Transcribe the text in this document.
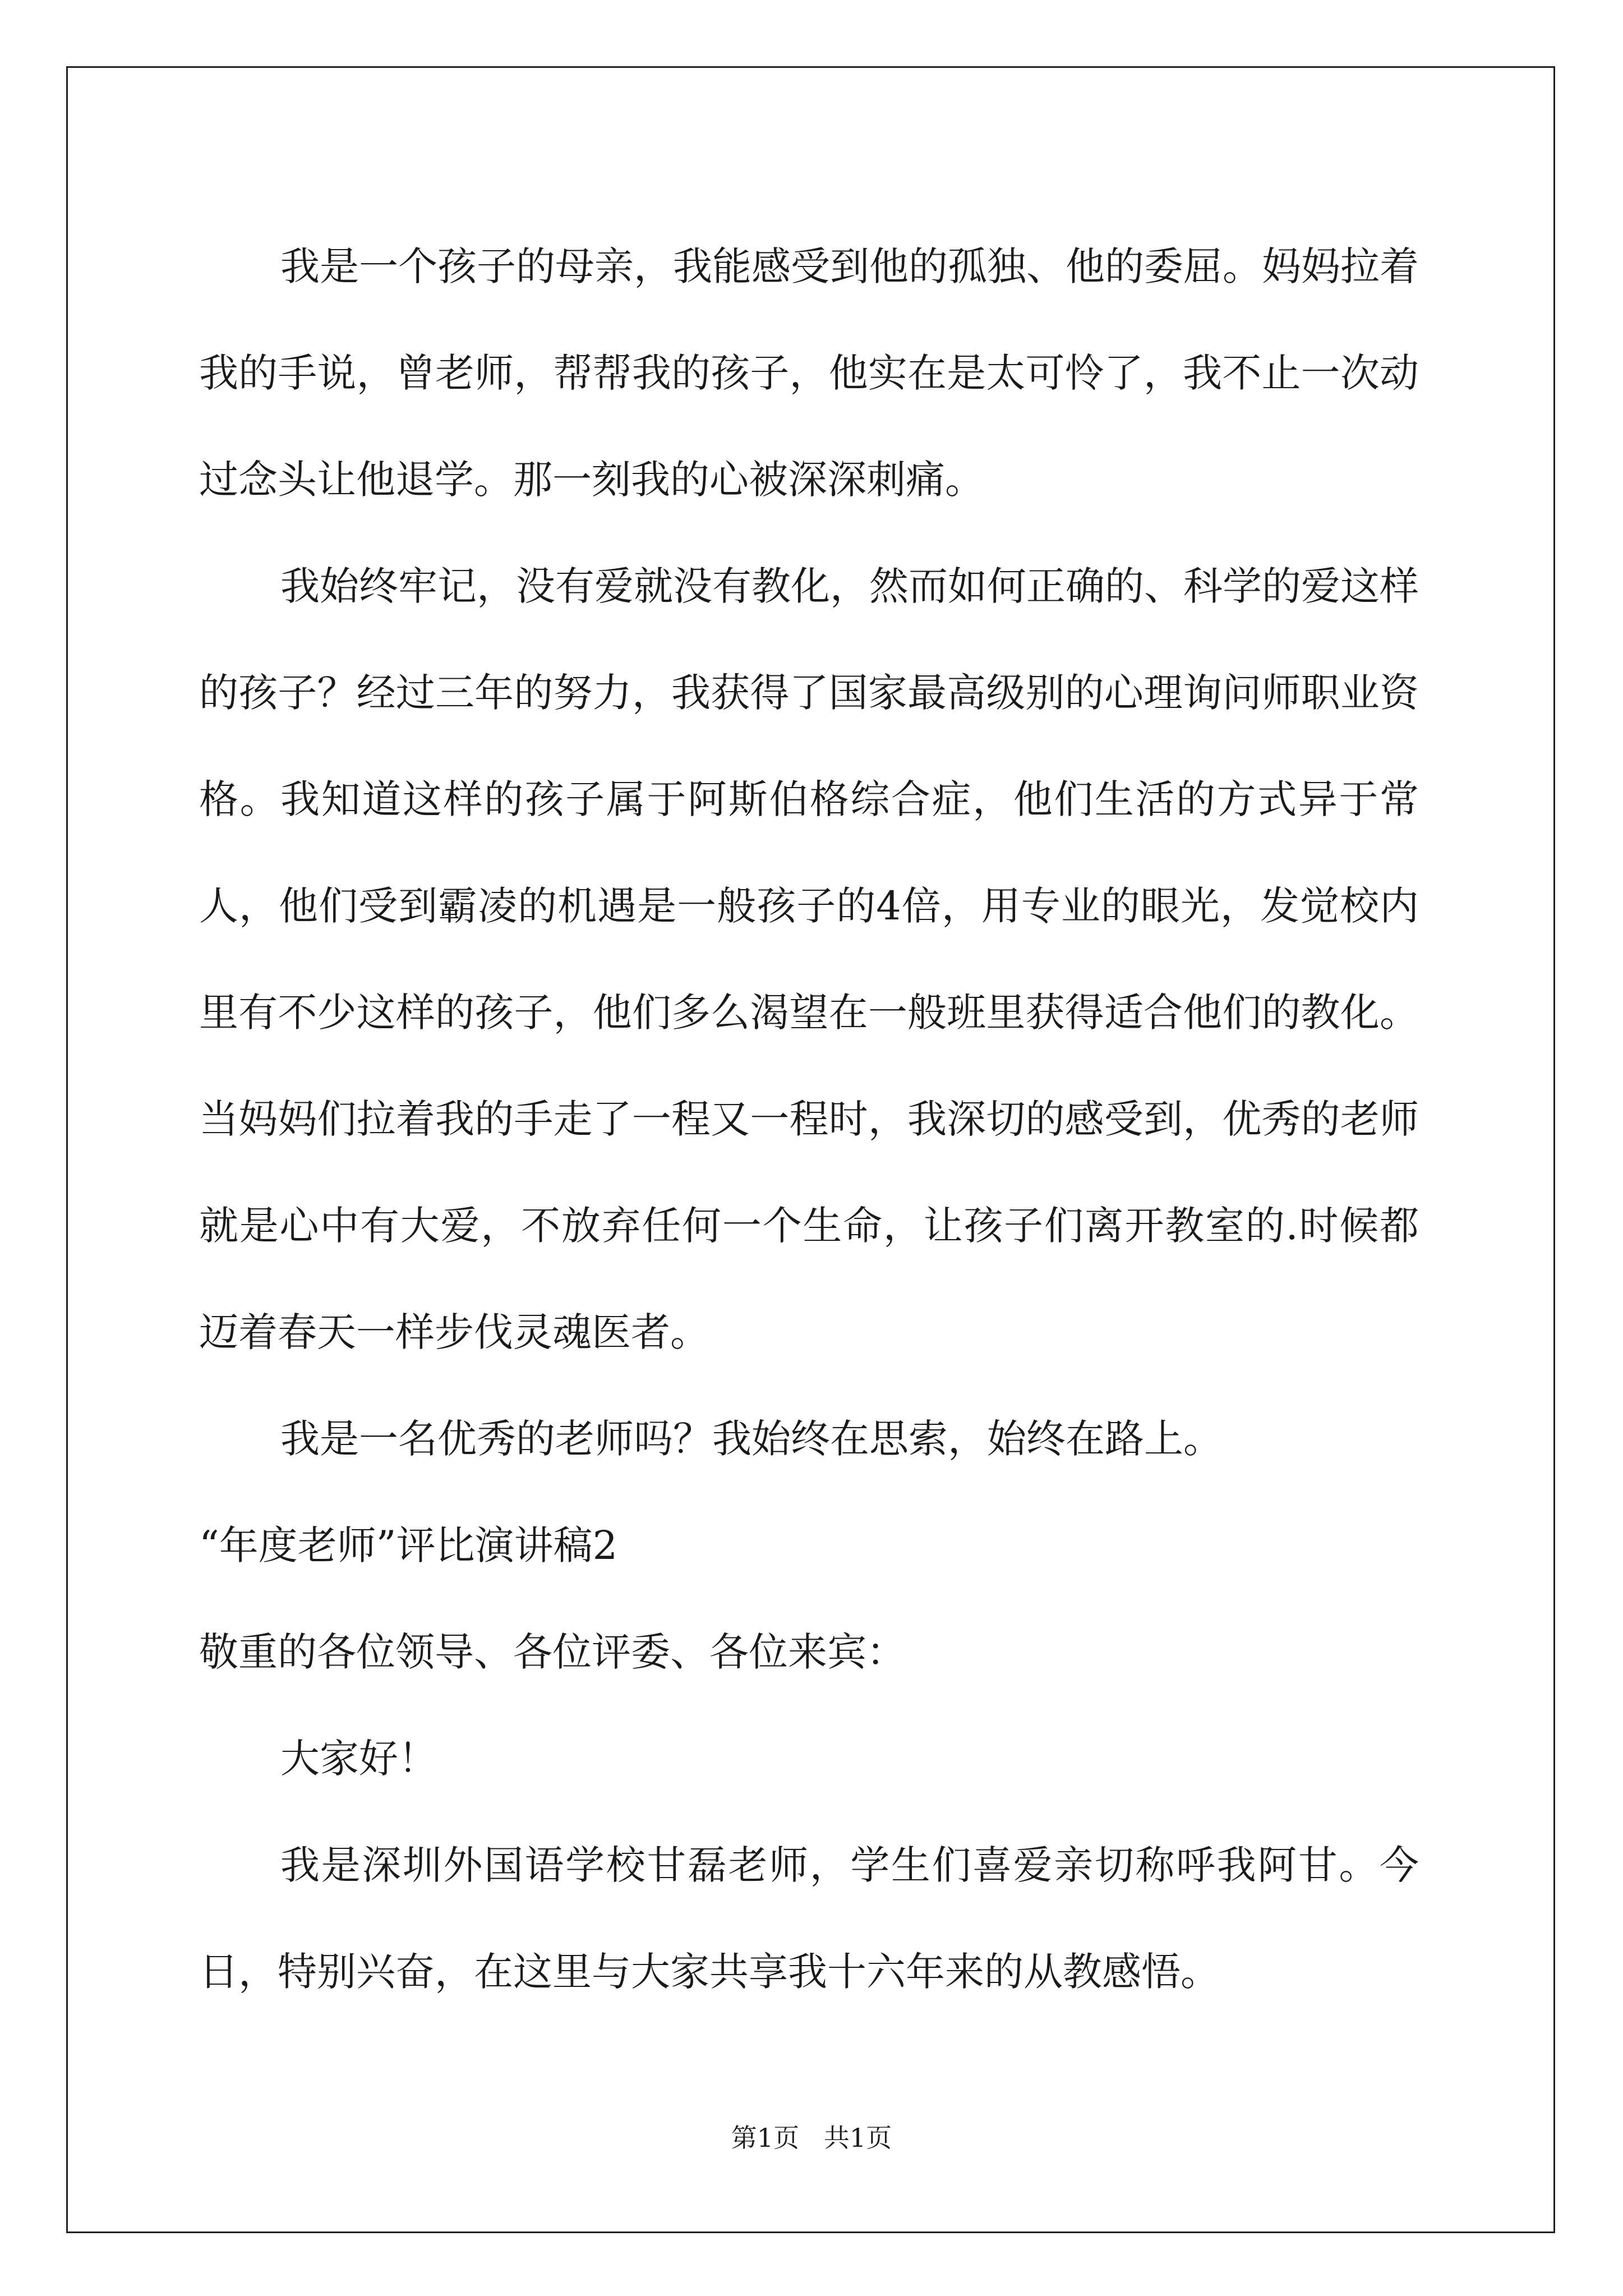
我是一个孩子的母亲，我能感受到他的孤独、他的委屈。妈妈拉着我的手说，曾老师，帮帮我的孩子，他实在是太可怜了，我不止一次动过念头让他退学。那一刻我的心被深深刺痛。

我始终牢记，没有爱就没有教化，然而如何正确的、科学的爱这样的孩子？经过三年的努力，我获得了国家最高级别的心理询问师职业资格。我知道这样的孩子属于阿斯伯格综合症，他们生活的方式异于常人，他们受到霸凌的机遇是一般孩子的4倍，用专业的眼光，发觉校内里有不少这样的孩子，他们多么渴望在一般班里获得适合他们的教化。当妈妈们拉着我的手走了一程又一程时，我深切的感受到，优秀的老师就是心中有大爱，不放弃任何一个生命，让孩子们离开教室的.时候都迈着春天一样步伐灵魂医者。

我是一名优秀的老师吗？我始终在思索，始终在路上。

“年度老师”评比演讲稿2
敬重的各位领导、各位评委、各位来宾：
大家好！

我是深圳外国语学校甘磊老师，学生们喜爱亲切称呼我阿甘。今日，特别兴奋，在这里与大家共享我十六年来的从教感悟。

第1页   共1页
